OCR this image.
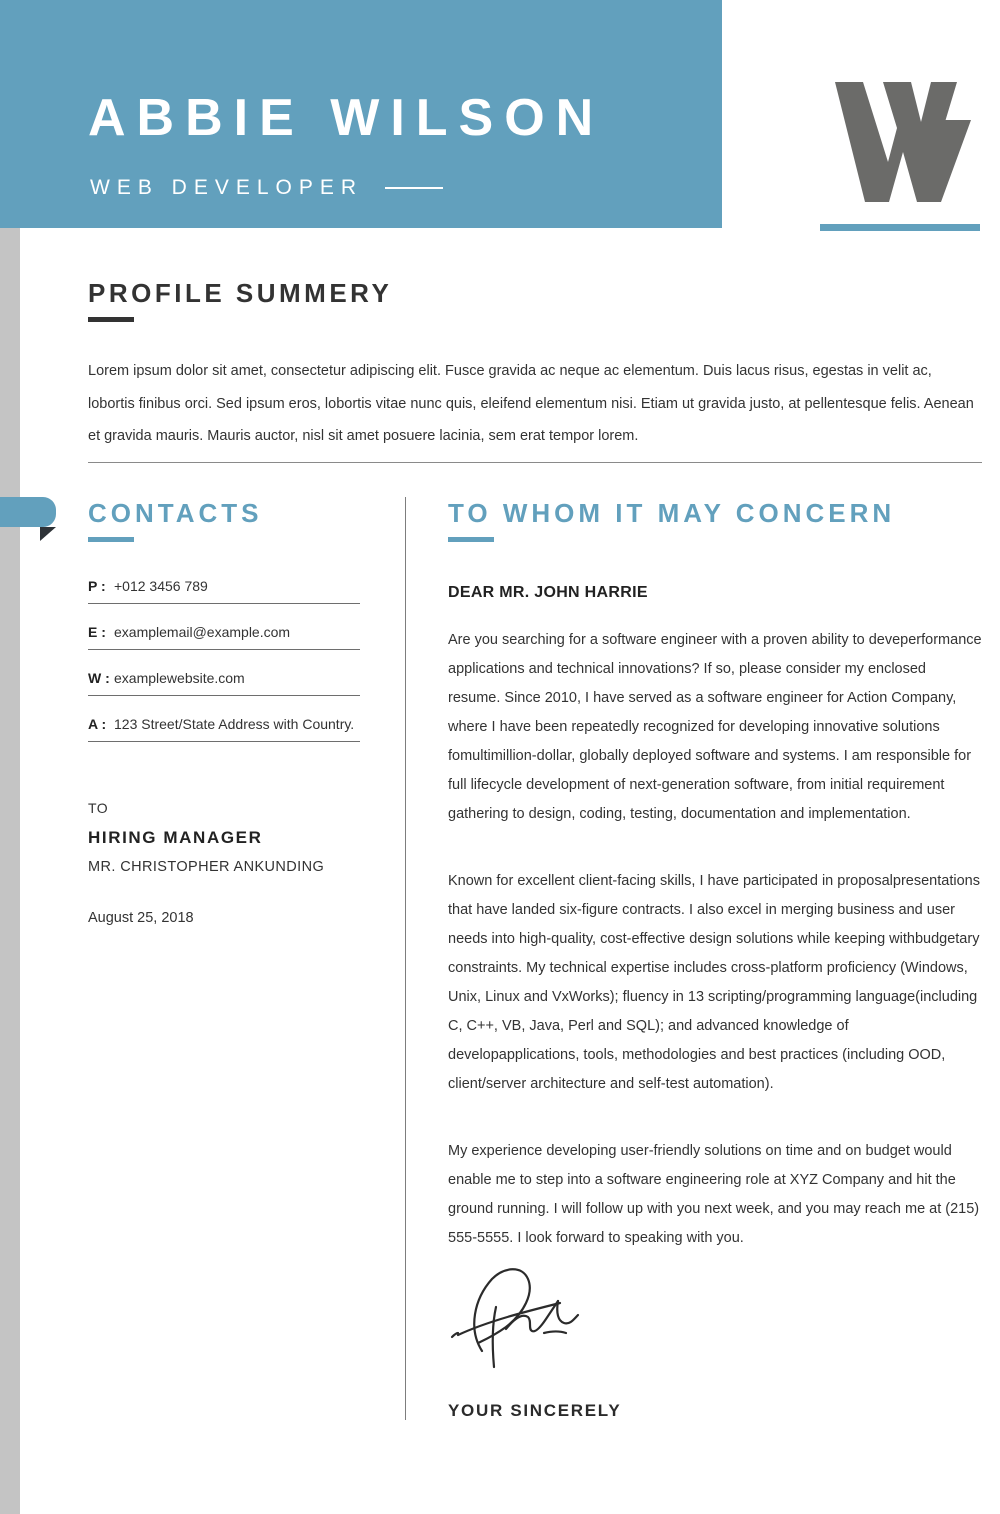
ABBIE WILSON
WEB DEVELOPER
PROFILE SUMMERY
Lorem ipsum dolor sit amet, consectetur adipiscing elit. Fusce gravida ac neque ac elementum. Duis lacus risus, egestas in velit ac, lobortis finibus orci. Sed ipsum eros, lobortis vitae nunc quis, eleifend elementum nisi. Etiam ut gravida justo, at pellentesque felis. Aenean et gravida mauris. Mauris auctor, nisl sit amet posuere lacinia, sem erat tempor lorem.
CONTACTS
P : +012 3456 789
E : examplemail@example.com
W : examplewebsite.com
A : 123 Street/State Address with Country.
TO
HIRING MANAGER
MR. CHRISTOPHER ANKUNDING
August 25, 2018
TO WHOM IT MAY CONCERN
DEAR MR. JOHN HARRIE
Are you searching for a software engineer with a proven ability to deveperformance applications and technical innovations? If so, please consider my enclosed resume. Since 2010, I have served as a software engineer for Action Company, where I have been repeatedly recognized for developing innovative solutions fomultimillion-dollar, globally deployed software and systems. I am responsible for full lifecycle development of next-generation software, from initial requirement gathering to design, coding, testing, documentation and implementation.
Known for excellent client-facing skills, I have participated in proposalpresentations that have landed six-figure contracts. I also excel in merging business and user needs into high-quality, cost-effective design solutions while keeping withbudgetary constraints. My technical expertise includes cross-platform proficiency (Windows, Unix, Linux and VxWorks); fluency in 13 scripting/programming language(including C, C++, VB, Java, Perl and SQL); and advanced knowledge of developapplications, tools, methodologies and best practices (including OOD, client/server architecture and self-test automation).
My experience developing user-friendly solutions on time and on budget would enable me to step into a software engineering role at XYZ Company and hit the ground running. I will follow up with you next week, and you may reach me at (215) 555-5555. I look forward to speaking with you.
YOUR SINCERELY
